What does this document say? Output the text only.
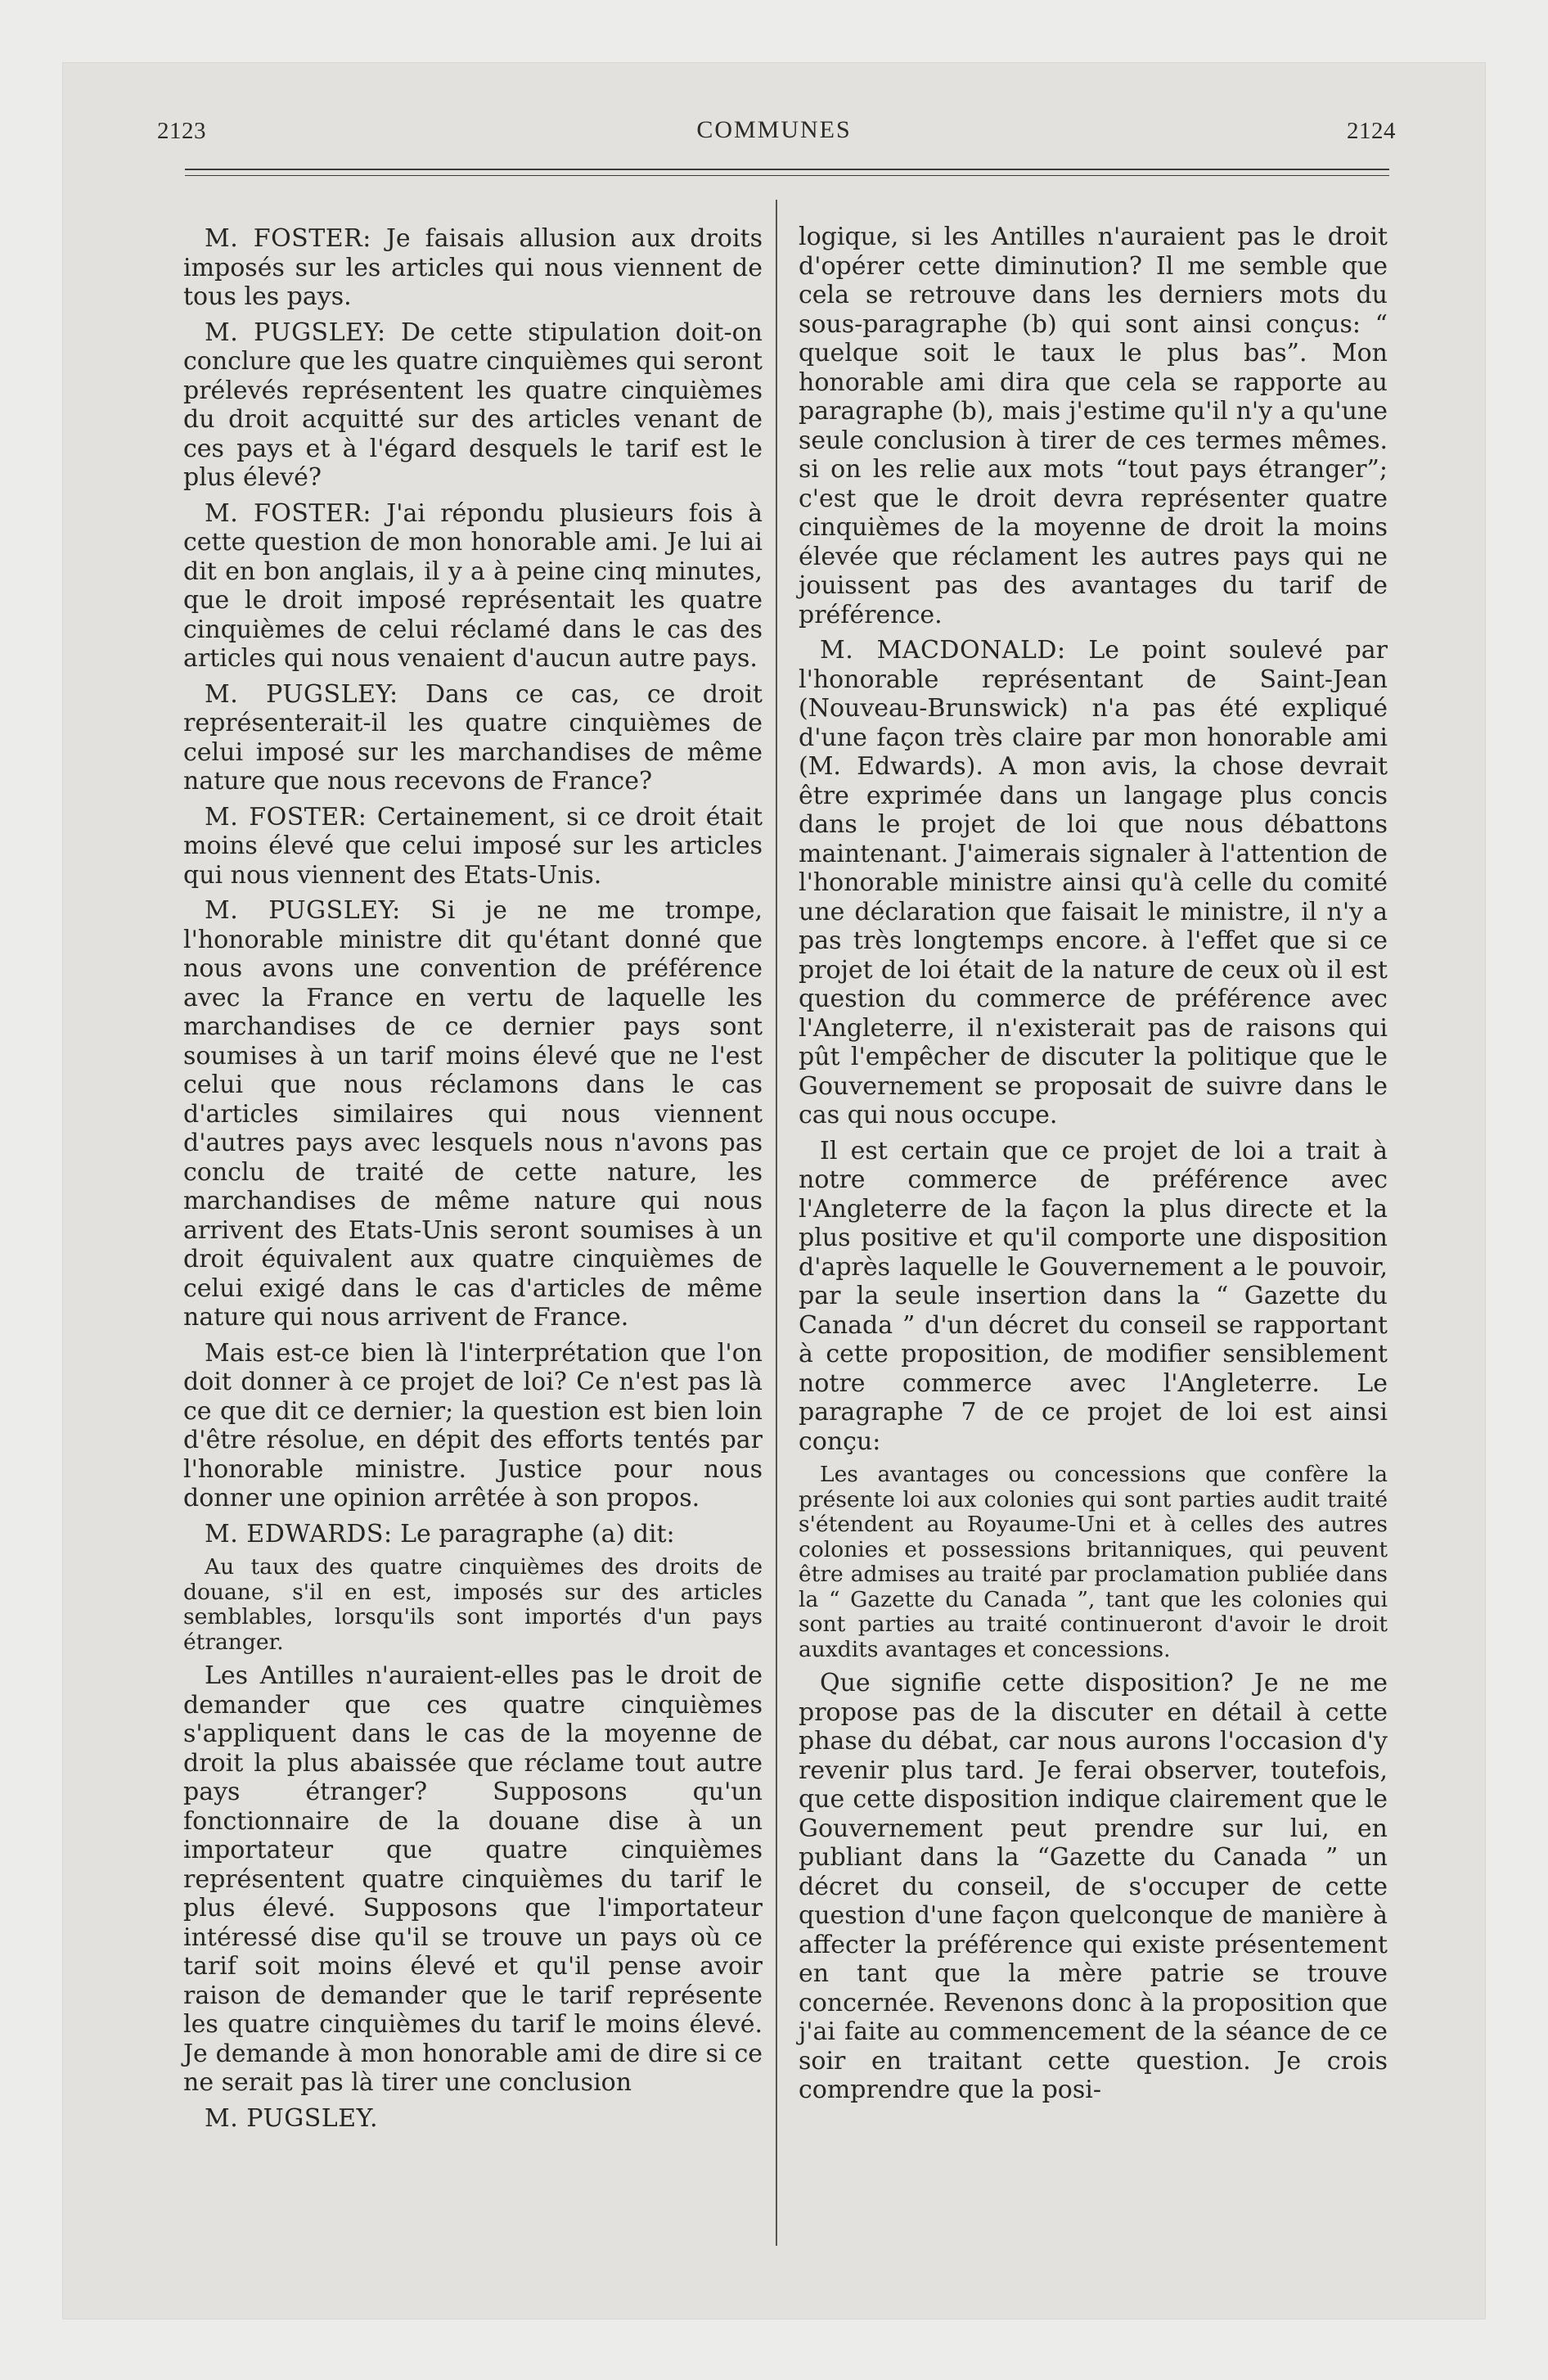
2123	COMMUNES	2124

M. FOSTER: Je faisais allusion aux droits imposés sur les articles qui nous viennent de tous les pays.

M. PUGSLEY: De cette stipulation doit-on conclure que les quatre cinquièmes qui seront prélevés représentent les quatre cinquièmes du droit acquitté sur des articles venant de ces pays et à l'égard desquels le tarif est le plus élevé?

M. FOSTER: J'ai répondu plusieurs fois à cette question de mon honorable ami. Je lui ai dit en bon anglais, il y a à peine cinq minutes, que le droit imposé représentait les quatre cinquièmes de celui réclamé dans le cas des articles qui nous venaient d'aucun autre pays.

M. PUGSLEY: Dans ce cas, ce droit représenterait-il les quatre cinquièmes de celui imposé sur les marchandises de même nature que nous recevons de France?

M. FOSTER: Certainement, si ce droit était moins élevé que celui imposé sur les articles qui nous viennent des Etats-Unis.

M. PUGSLEY: Si je ne me trompe, l'honorable ministre dit qu'étant donné que nous avons une convention de préférence avec la France en vertu de laquelle les marchandises de ce dernier pays sont soumises à un tarif moins élevé que ne l'est celui que nous réclamons dans le cas d'articles similaires qui nous viennent d'autres pays avec lesquels nous n'avons pas conclu de traité de cette nature, les marchandises de même nature qui nous arrivent des Etats-Unis seront soumises à un droit équivalent aux quatre cinquièmes de celui exigé dans le cas d'articles de même nature qui nous arrivent de France.

Mais est-ce bien là l'interprétation que l'on doit donner à ce projet de loi? Ce n'est pas là ce que dit ce dernier; la question est bien loin d'être résolue, en dépit des efforts tentés par l'honorable ministre. Justice pour nous donner une opinion arrêtée à son propos.

M. EDWARDS: Le paragraphe (a) dit:

Au taux des quatre cinquièmes des droits de douane, s'il en est, imposés sur des articles semblables, lorsqu'ils sont importés d'un pays étranger.

Les Antilles n'auraient-elles pas le droit de demander que ces quatre cinquièmes s'appliquent dans le cas de la moyenne de droit la plus abaissée que réclame tout autre pays étranger? Supposons qu'un fonctionnaire de la douane dise à un importateur que quatre cinquièmes représentent quatre cinquièmes du tarif le plus élevé. Supposons que l'importateur intéressé dise qu'il se trouve un pays où ce tarif soit moins élevé et qu'il pense avoir raison de demander que le tarif représente les quatre cinquièmes du tarif le moins élevé. Je demande à mon honorable ami de dire si ce ne serait pas là tirer une conclusion

M. PUGSLEY.

logique, si les Antilles n'auraient pas le droit d'opérer cette diminution? Il me semble que cela se retrouve dans les derniers mots du sous-paragraphe (b) qui sont ainsi conçus: “ quelque soit le taux le plus bas”. Mon honorable ami dira que cela se rapporte au paragraphe (b), mais j'estime qu'il n'y a qu'une seule conclusion à tirer de ces termes mêmes. si on les relie aux mots “tout pays étranger”; c'est que le droit devra représenter quatre cinquièmes de la moyenne de droit la moins élevée que réclament les autres pays qui ne jouissent pas des avantages du tarif de préférence.

M. MACDONALD: Le point soulevé par l'honorable représentant de Saint-Jean (Nouveau-Brunswick) n'a pas été expliqué d'une façon très claire par mon honorable ami (M. Edwards). A mon avis, la chose devrait être exprimée dans un langage plus concis dans le projet de loi que nous débattons maintenant. J'aimerais signaler à l'attention de l'honorable ministre ainsi qu'à celle du comité une déclaration que faisait le ministre, il n'y a pas très longtemps encore. à l'effet que si ce projet de loi était de la nature de ceux où il est question du commerce de préférence avec l'Angleterre, il n'existerait pas de raisons qui pût l'empêcher de discuter la politique que le Gouvernement se proposait de suivre dans le cas qui nous occupe.

Il est certain que ce projet de loi a trait à notre commerce de préférence avec l'Angleterre de la façon la plus directe et la plus positive et qu'il comporte une disposition d'après laquelle le Gouvernement a le pouvoir, par la seule insertion dans la “ Gazette du Canada ” d'un décret du conseil se rapportant à cette proposition, de modifier sensiblement notre commerce avec l'Angleterre. Le paragraphe 7 de ce projet de loi est ainsi conçu:

Les avantages ou concessions que confère la présente loi aux colonies qui sont parties audit traité s'étendent au Royaume-Uni et à celles des autres colonies et possessions britanniques, qui peuvent être admises au traité par proclamation publiée dans la “ Gazette du Canada ”, tant que les colonies qui sont parties au traité continueront d'avoir le droit auxdits avantages et concessions.

Que signifie cette disposition? Je ne me propose pas de la discuter en détail à cette phase du débat, car nous aurons l'occasion d'y revenir plus tard. Je ferai observer, toutefois, que cette disposition indique clairement que le Gouvernement peut prendre sur lui, en publiant dans la “Gazette du Canada ” un décret du conseil, de s'occuper de cette question d'une façon quelconque de manière à affecter la préférence qui existe présentement en tant que la mère patrie se trouve concernée. Revenons donc à la proposition que j'ai faite au commencement de la séance de ce soir en traitant cette question. Je crois comprendre que la posi-
